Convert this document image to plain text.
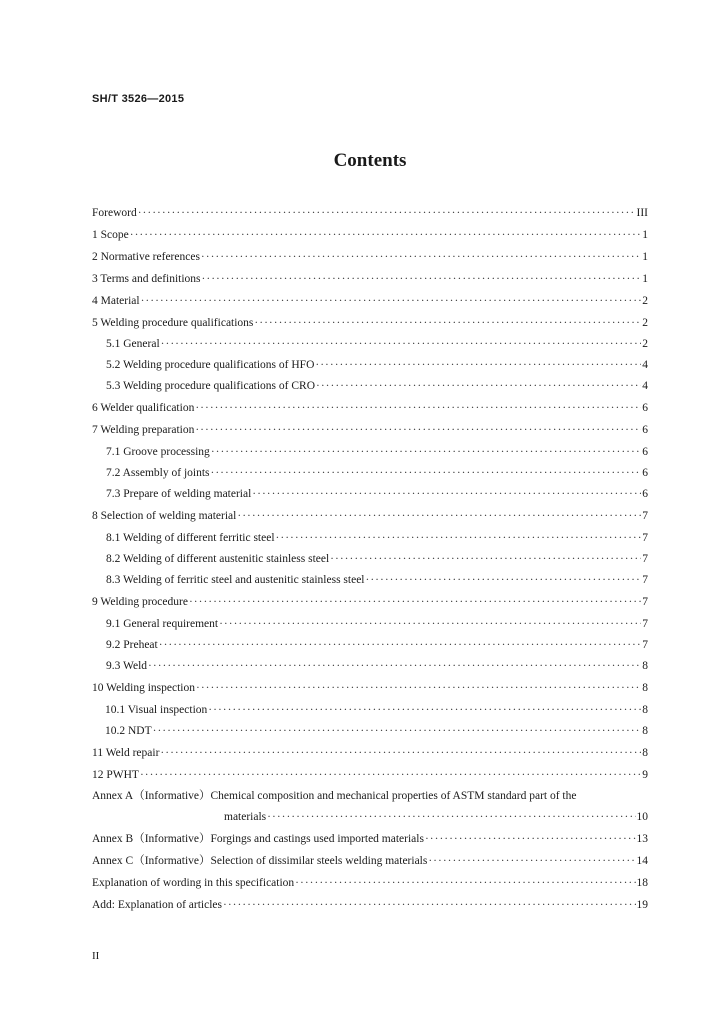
SH/T 3526—2015
Contents
Foreword ·····	III
1 Scope ·····	1
2 Normative references ·····	1
3 Terms and definitions ·····	1
4 Material ·····	2
5 Welding procedure qualifications ·····	2
5.1 General ·····	2
5.2 Welding procedure qualifications of HFO ·····	4
5.3 Welding procedure qualifications of CRO ·····	4
6 Welder qualification ·····	6
7 Welding preparation ·····	6
7.1 Groove processing ·····	6
7.2 Assembly of joints ·····	6
7.3 Prepare of welding material ·····	6
8 Selection of welding material ·····	7
8.1 Welding of different ferritic steel ·····	7
8.2 Welding of different austenitic stainless steel ·····	7
8.3 Welding of ferritic steel and austenitic stainless steel ·····	7
9 Welding procedure ·····	7
9.1 General requirement ·····	7
9.2 Preheat ·····	7
9.3 Weld ·····	8
10 Welding inspection ·····	8
10.1 Visual inspection ·····	8
10.2 NDT ·····	8
11 Weld repair ·····	8
12 PWHT ·····	9
Annex A（Informative）Chemical composition and mechanical properties of ASTM standard part of the
materials ·····	10
Annex B（Informative）Forgings and castings used imported materials ·····	13
Annex C（Informative）Selection of dissimilar steels welding materials ·····	14
Explanation of wording in this specification ·····	18
Add: Explanation of articles ·····	19
II
